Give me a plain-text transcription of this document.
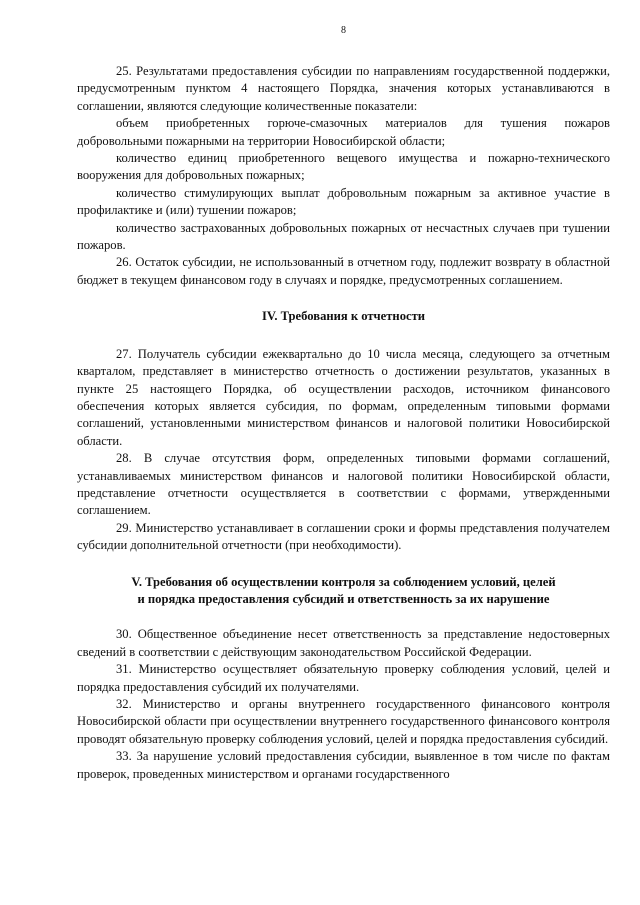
8

25. Результатами предоставления субсидии по направлениям государственной поддержки, предусмотренным пунктом 4 настоящего Порядка, значения которых устанавливаются в соглашении, являются следующие количественные показатели:

объем приобретенных горюче-смазочных материалов для тушения пожаров добровольными пожарными на территории Новосибирской области;

количество единиц приобретенного вещевого имущества и пожарно-технического вооружения для добровольных пожарных;

количество стимулирующих выплат добровольным пожарным за активное участие в профилактике и (или) тушении пожаров;

количество застрахованных добровольных пожарных от несчастных случаев при тушении пожаров.

26. Остаток субсидии, не использованный в отчетном году, подлежит возврату в областной бюджет в текущем финансовом году в случаях и порядке, предусмотренных соглашением.

IV. Требования к отчетности

27. Получатель субсидии ежеквартально до 10 числа месяца, следующего за отчетным кварталом, представляет в министерство отчетность о достижении результатов, указанных в пункте 25 настоящего Порядка, об осуществлении расходов, источником финансового обеспечения которых является субсидия, по формам, определенным типовыми формами соглашений, установленными министерством финансов и налоговой политики Новосибирской области.

28. В случае отсутствия форм, определенных типовыми формами соглашений, устанавливаемых министерством финансов и налоговой политики Новосибирской области, представление отчетности осуществляется в соответствии с формами, утвержденными соглашением.

29. Министерство устанавливает в соглашении сроки и формы представления получателем субсидии дополнительной отчетности (при необходимости).

V. Требования об осуществлении контроля за соблюдением условий, целей
и порядка предоставления субсидий и ответственность за их нарушение

30. Общественное объединение несет ответственность за представление недостоверных сведений в соответствии с действующим законодательством Российской Федерации.

31. Министерство осуществляет обязательную проверку соблюдения условий, целей и порядка предоставления субсидий их получателями.

32. Министерство и органы внутреннего государственного финансового контроля Новосибирской области при осуществлении внутреннего государственного финансового контроля проводят обязательную проверку соблюдения условий, целей и порядка предоставления субсидий.

33. За нарушение условий предоставления субсидии, выявленное в том числе по фактам проверок, проведенных министерством и органами государственного
